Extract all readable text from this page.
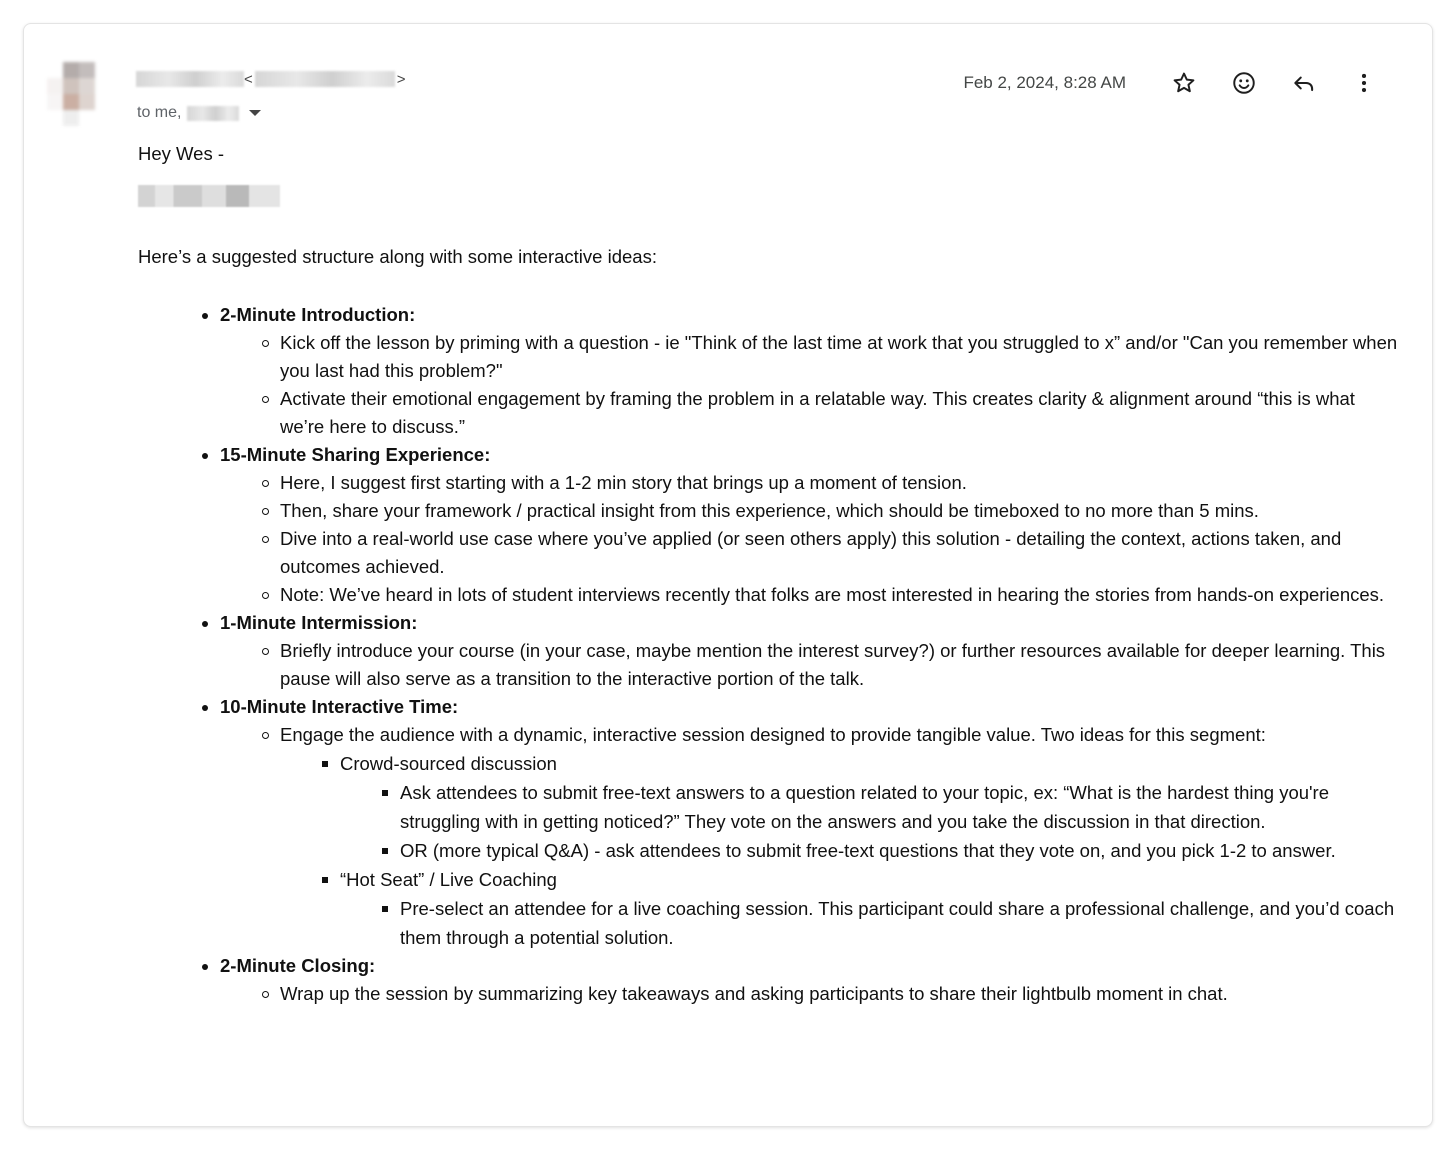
<	>
to me,
Feb 2, 2024, 8:28 AM

Hey Wes -

Here’s a suggested structure along with some interactive ideas:

2-Minute Introduction:
Kick off the lesson by priming with a question - ie "Think of the last time at work that you struggled to x” and/or "Can you remember when you last had this problem?"
Activate their emotional engagement by framing the problem in a relatable way. This creates clarity & alignment around “this is what we’re here to discuss.”
15-Minute Sharing Experience:
Here, I suggest first starting with a 1-2 min story that brings up a moment of tension.
Then, share your framework / practical insight from this experience, which should be timeboxed to no more than 5 mins.
Dive into a real-world use case where you’ve applied (or seen others apply) this solution - detailing the context, actions taken, and outcomes achieved.
Note: We’ve heard in lots of student interviews recently that folks are most interested in hearing the stories from hands-on experiences.
1-Minute Intermission:
Briefly introduce your course (in your case, maybe mention the interest survey?) or further resources available for deeper learning. This pause will also serve as a transition to the interactive portion of the talk.
10-Minute Interactive Time:
Engage the audience with a dynamic, interactive session designed to provide tangible value. Two ideas for this segment:
Crowd-sourced discussion
Ask attendees to submit free-text answers to a question related to your topic, ex: “What is the hardest thing you're struggling with in getting noticed?” They vote on the answers and you take the discussion in that direction.
OR (more typical Q&A) - ask attendees to submit free-text questions that they vote on, and you pick 1-2 to answer.
“Hot Seat” / Live Coaching
Pre-select an attendee for a live coaching session. This participant could share a professional challenge, and you’d coach them through a potential solution.
2-Minute Closing:
Wrap up the session by summarizing key takeaways and asking participants to share their lightbulb moment in chat.
